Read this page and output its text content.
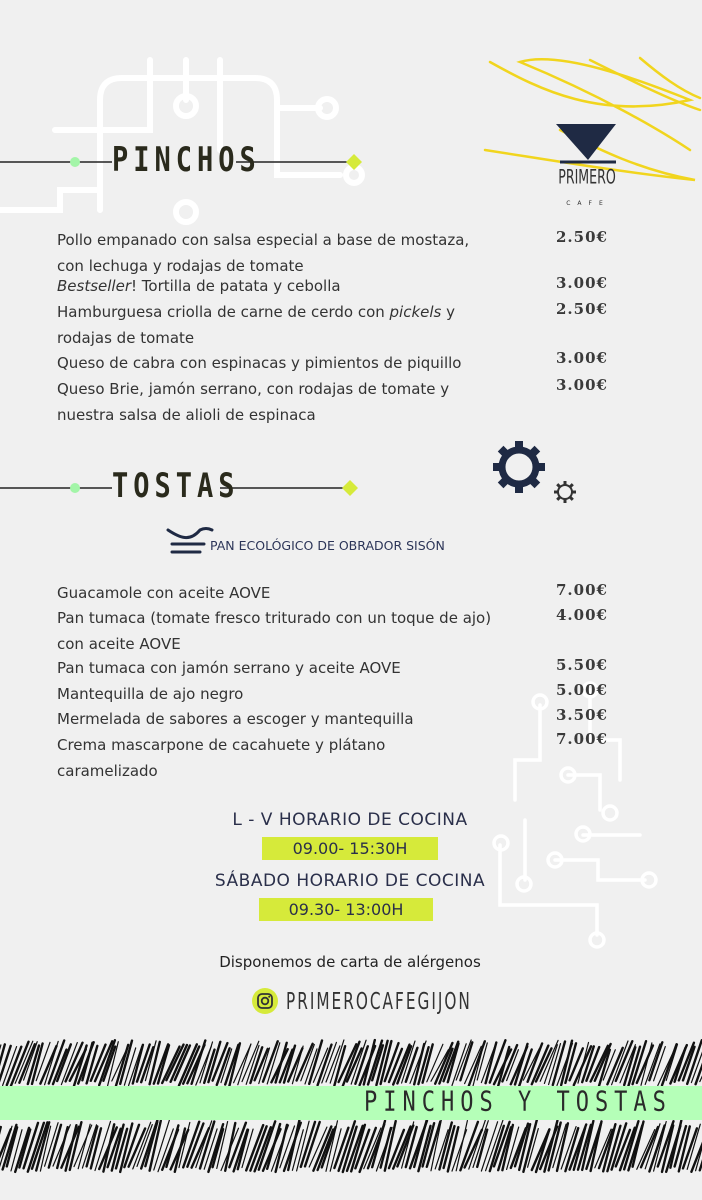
PRIMERO
CAFE
PINCHOS
Pollo empanado con salsa especial a base de mostaza,
con lechuga y rodajas de tomate
2.50€
Bestseller! Tortilla de patata y cebolla	3.00€
Hamburguesa criolla de carne de cerdo con pickels y
rodajas de tomate
2.50€
Queso de cabra con espinacas y pimientos de piquillo	3.00€
Queso Brie, jamón serrano, con rodajas de tomate y
nuestra salsa de alioli de espinaca
3.00€
TOSTAS
PAN ECOLÓGICO DE OBRADOR SISÓN
Guacamole con aceite AOVE	7.00€
Pan tumaca (tomate fresco triturado con un toque de ajo)
con aceite AOVE
4.00€
Pan tumaca con jamón serrano y aceite AOVE	5.50€
Mantequilla de ajo negro	5.00€
Mermelada de sabores a escoger y mantequilla	3.50€
Crema mascarpone de cacahuete y plátano
caramelizado
7.00€
L - V HORARIO DE COCINA
09.00- 15:30H
SÁBADO HORARIO DE COCINA
09.30- 13:00H
Disponemos de carta de alérgenos
PRIMEROCAFEGIJON
PINCHOS Y TOSTAS
